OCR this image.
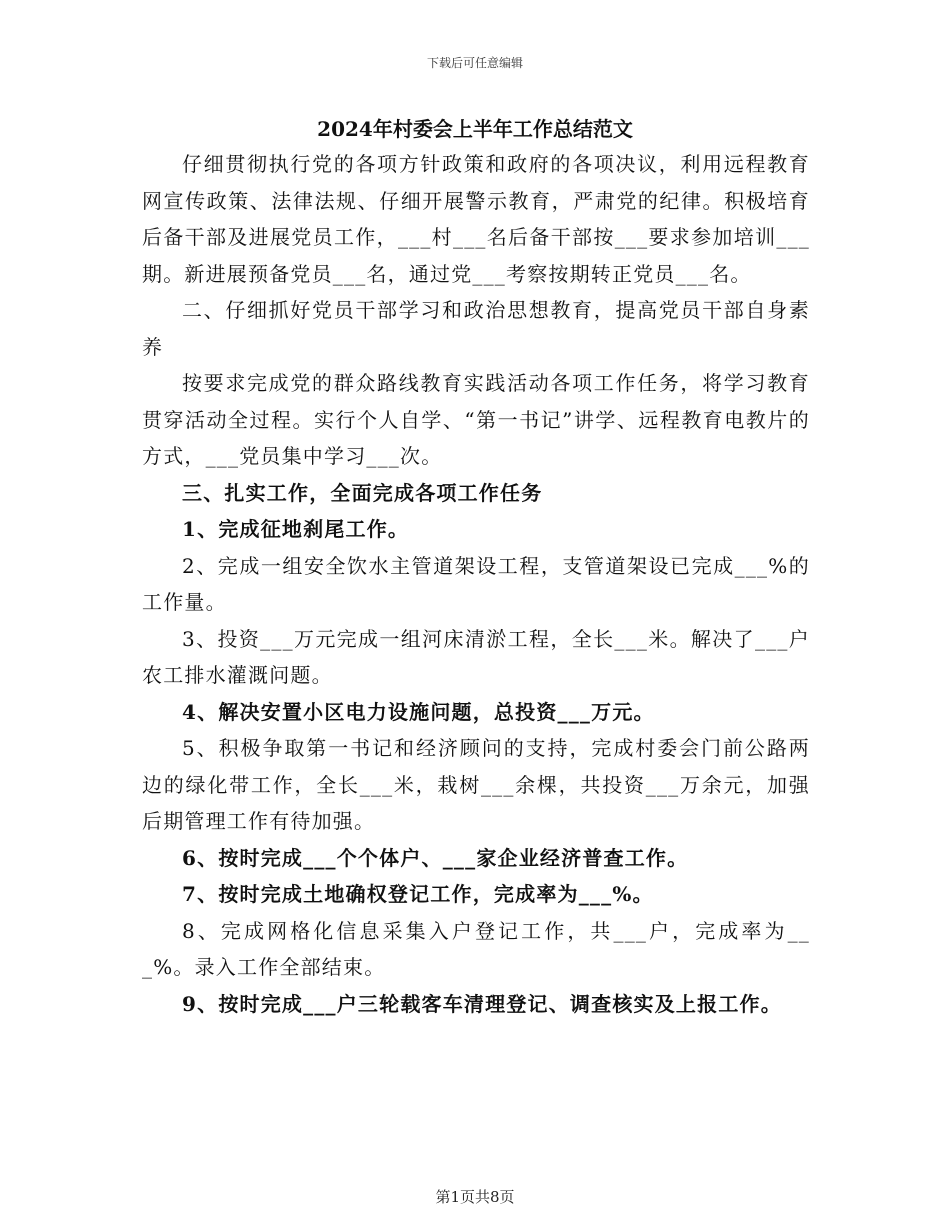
下载后可任意编辑
2024年村委会上半年工作总结范文

仔细贯彻执行党的各项方针政策和政府的各项决议，利用远程教育网宣传政策、法律法规、仔细开展警示教育，严肃党的纪律。积极培育后备干部及进展党员工作，___村___名后备干部按___要求参加培训___期。新进展预备党员___名，通过党___考察按期转正党员___名。

二、仔细抓好党员干部学习和政治思想教育，提高党员干部自身素养

按要求完成党的群众路线教育实践活动各项工作任务，将学习教育贯穿活动全过程。实行个人自学、“第一书记”讲学、远程教育电教片的方式，___党员集中学习___次。

三、扎实工作，全面完成各项工作任务

1、完成征地刹尾工作。

2、完成一组安全饮水主管道架设工程，支管道架设已完成___%的工作量。

3、投资___万元完成一组河床清淤工程，全长___米。解决了___户农工排水灌溉问题。

4、解决安置小区电力设施问题，总投资___万元。

5、积极争取第一书记和经济顾问的支持，完成村委会门前公路两边的绿化带工作，全长___米，栽树___余棵，共投资___万余元，加强后期管理工作有待加强。

6、按时完成___个个体户、___家企业经济普查工作。

7、按时完成土地确权登记工作，完成率为___%。

8、完成网格化信息采集入户登记工作，共___户，完成率为___%。录入工作全部结束。

9、按时完成___户三轮载客车清理登记、调查核实及上报工作。

第1页共8页
